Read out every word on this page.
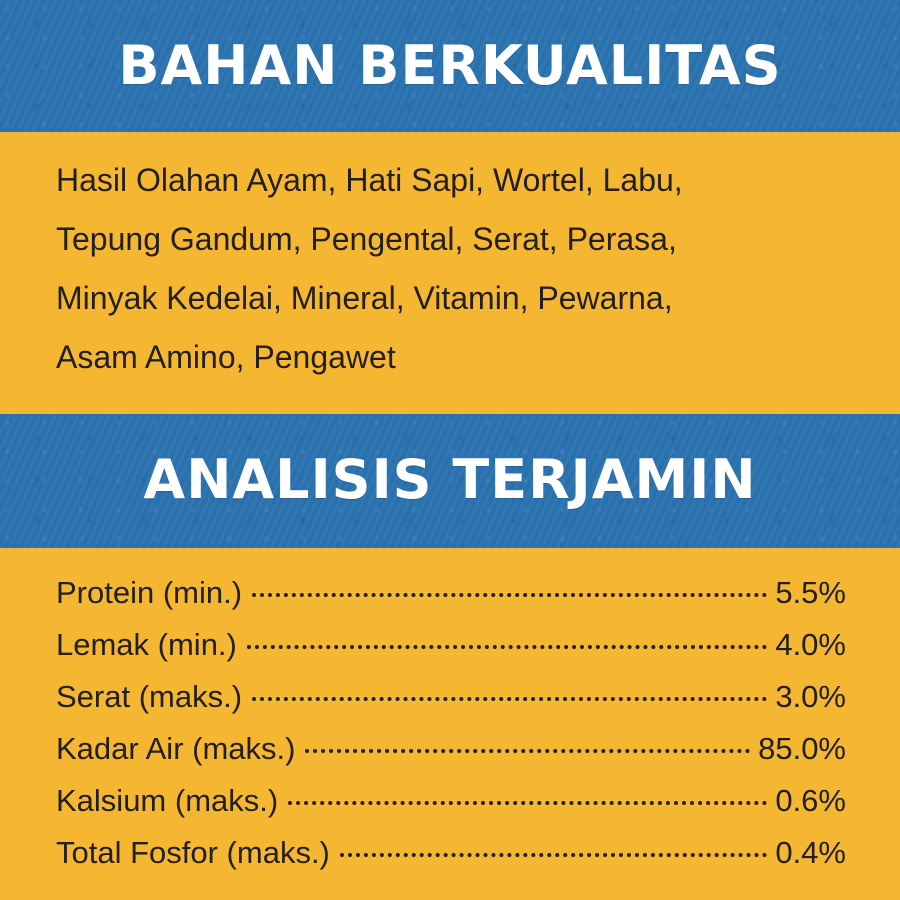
BAHAN BERKUALITAS
Hasil Olahan Ayam, Hati Sapi, Wortel, Labu,
Tepung Gandum, Pengental, Serat, Perasa,
Minyak Kedelai, Mineral, Vitamin, Pewarna,
Asam Amino, Pengawet
ANALISIS TERJAMIN
Protein (min.)	5.5%
Lemak (min.)	4.0%
Serat (maks.)	3.0%
Kadar Air (maks.)	85.0%
Kalsium (maks.)	0.6%
Total Fosfor (maks.)	0.4%
